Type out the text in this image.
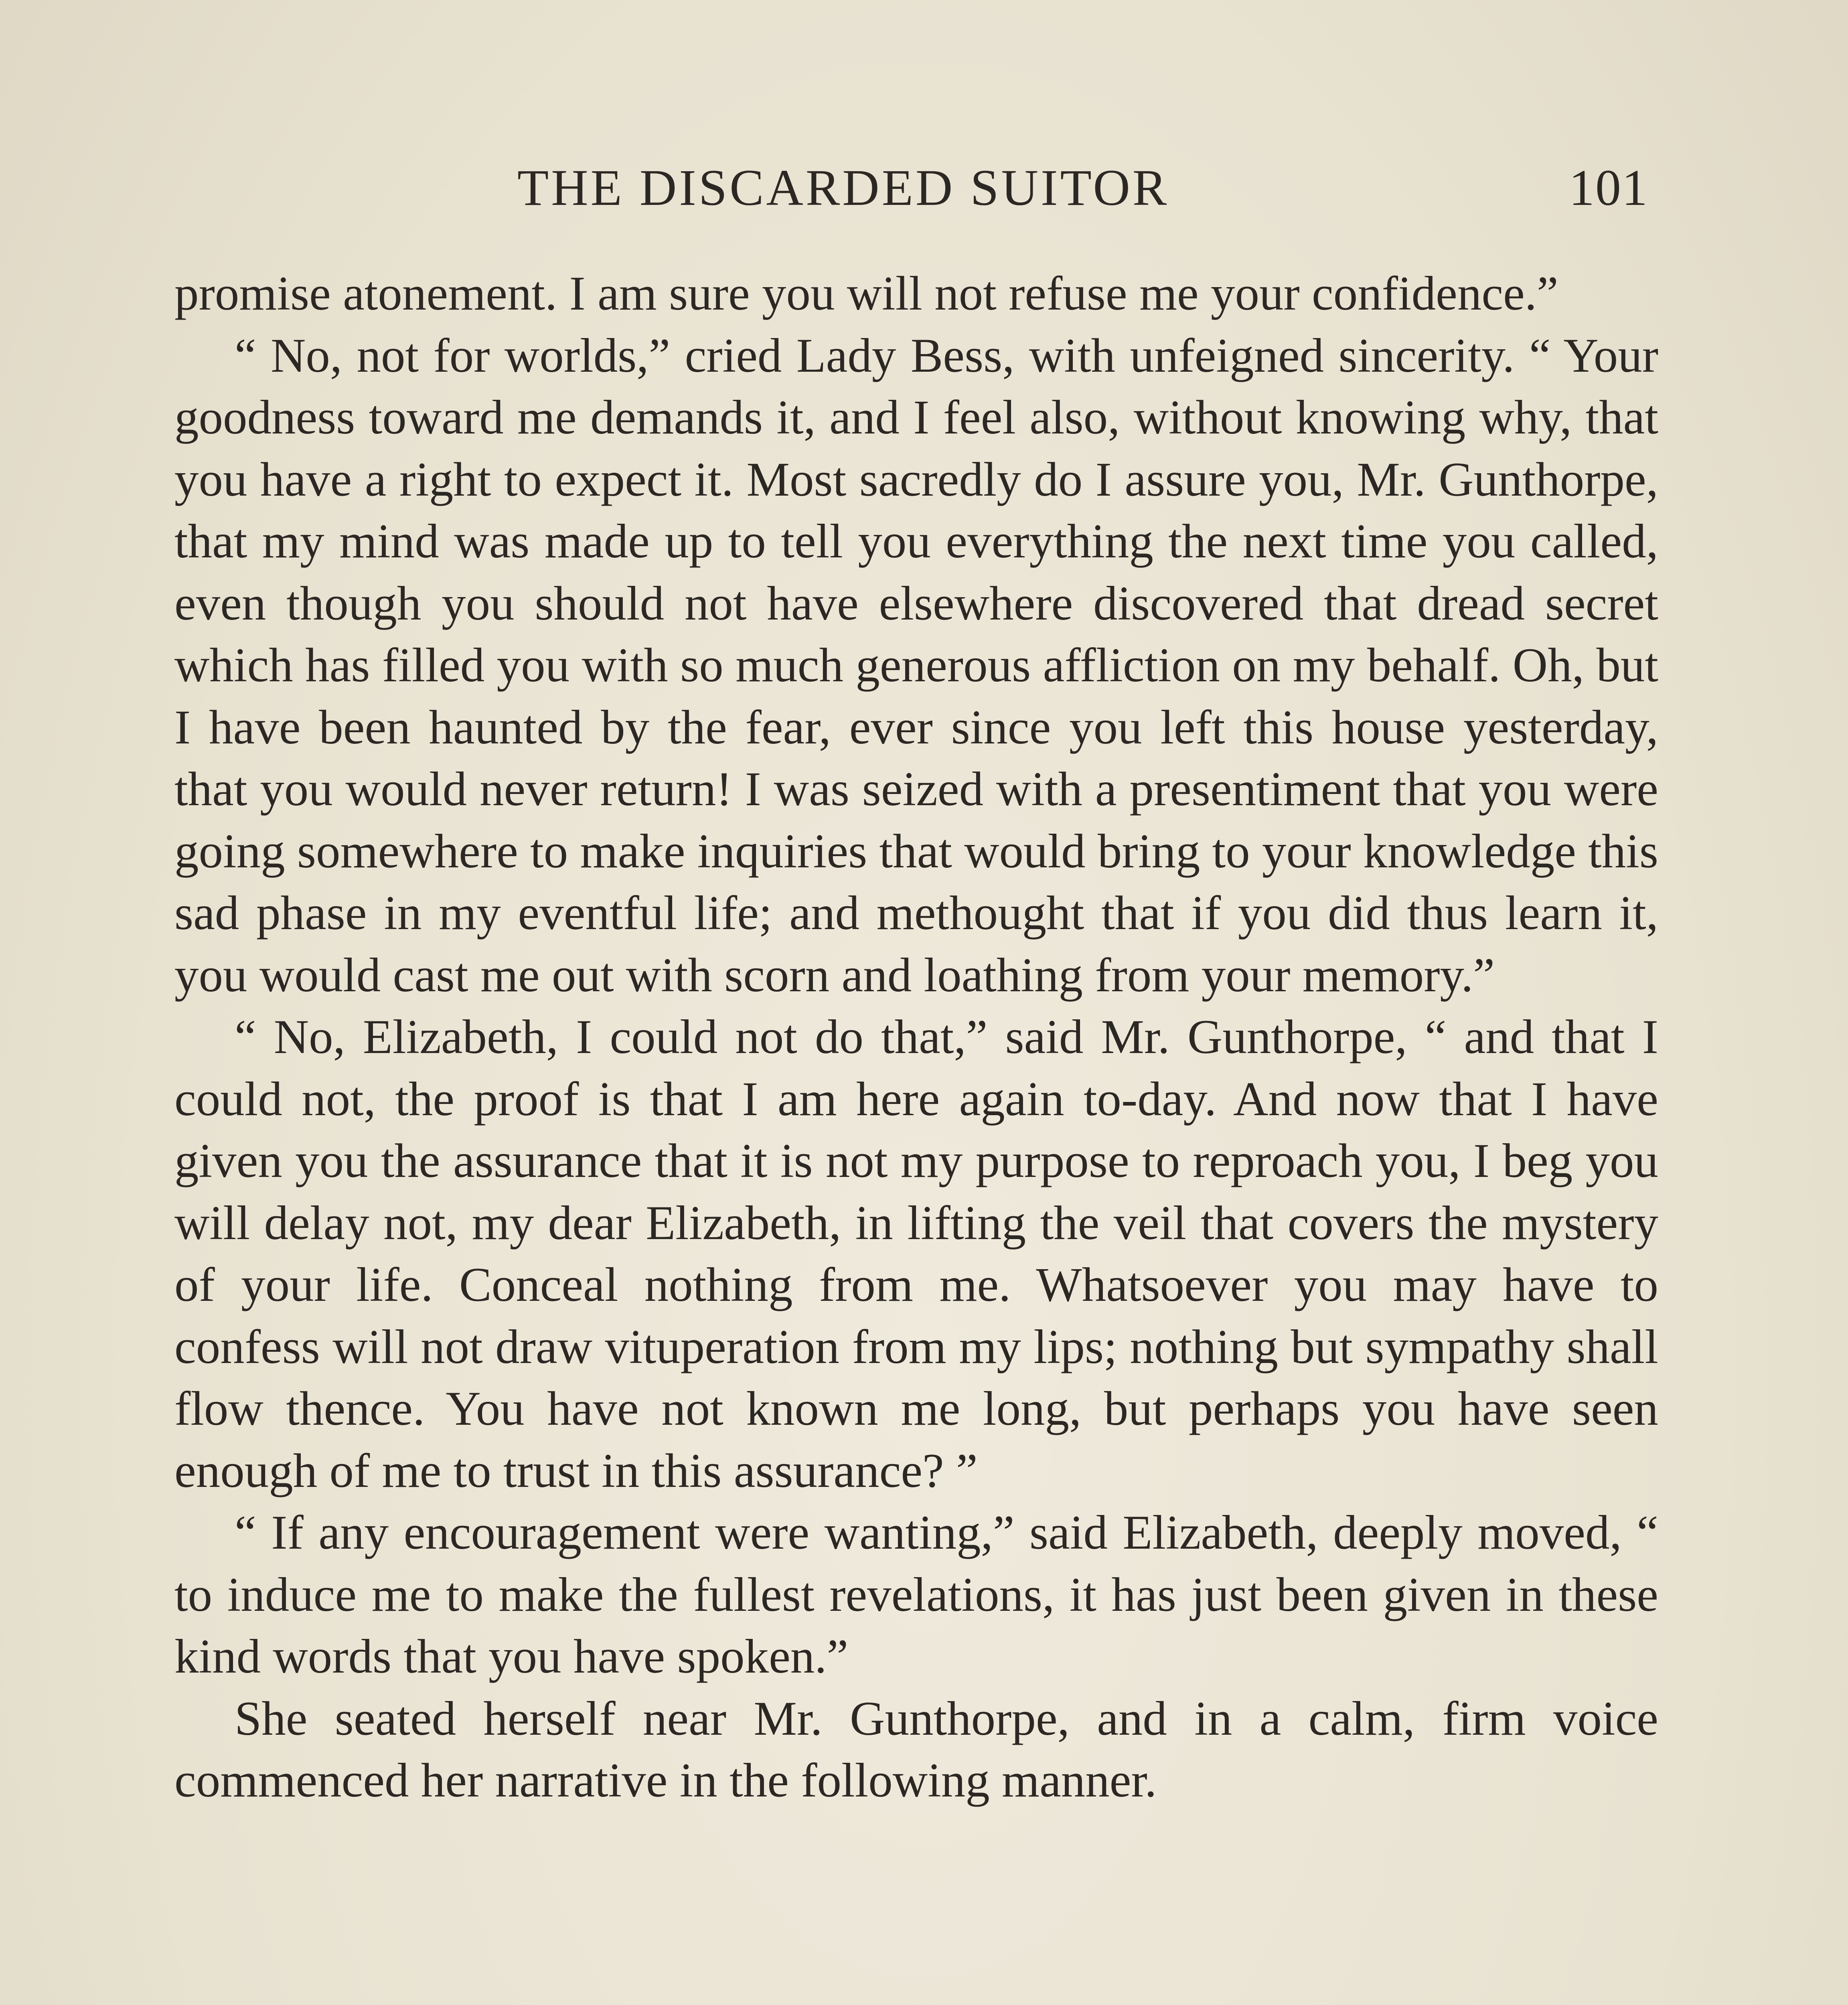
THE DISCARDED SUITOR	101

promise atonement. I am sure you will not refuse me your confidence.”

“ No, not for worlds,” cried Lady Bess, with unfeigned sincerity. “ Your goodness toward me demands it, and I feel also, without knowing why, that you have a right to expect it. Most sacredly do I assure you, Mr. Gunthorpe, that my mind was made up to tell you everything the next time you called, even though you should not have elsewhere discovered that dread secret which has filled you with so much generous affliction on my behalf. Oh, but I have been haunted by the fear, ever since you left this house yesterday, that you would never return! I was seized with a presentiment that you were going somewhere to make inquiries that would bring to your knowledge this sad phase in my eventful life; and methought that if you did thus learn it, you would cast me out with scorn and loathing from your memory.”

“ No, Elizabeth, I could not do that,” said Mr. Gunthorpe, “ and that I could not, the proof is that I am here again to-day. And now that I have given you the assurance that it is not my purpose to reproach you, I beg you will delay not, my dear Elizabeth, in lifting the veil that covers the mystery of your life. Conceal nothing from me. Whatsoever you may have to confess will not draw vituperation from my lips; nothing but sympathy shall flow thence. You have not known me long, but perhaps you have seen enough of me to trust in this assurance? ”

“ If any encouragement were wanting,” said Elizabeth, deeply moved, “ to induce me to make the fullest revelations, it has just been given in these kind words that you have spoken.”

She seated herself near Mr. Gunthorpe, and in a calm, firm voice commenced her narrative in the following manner.
